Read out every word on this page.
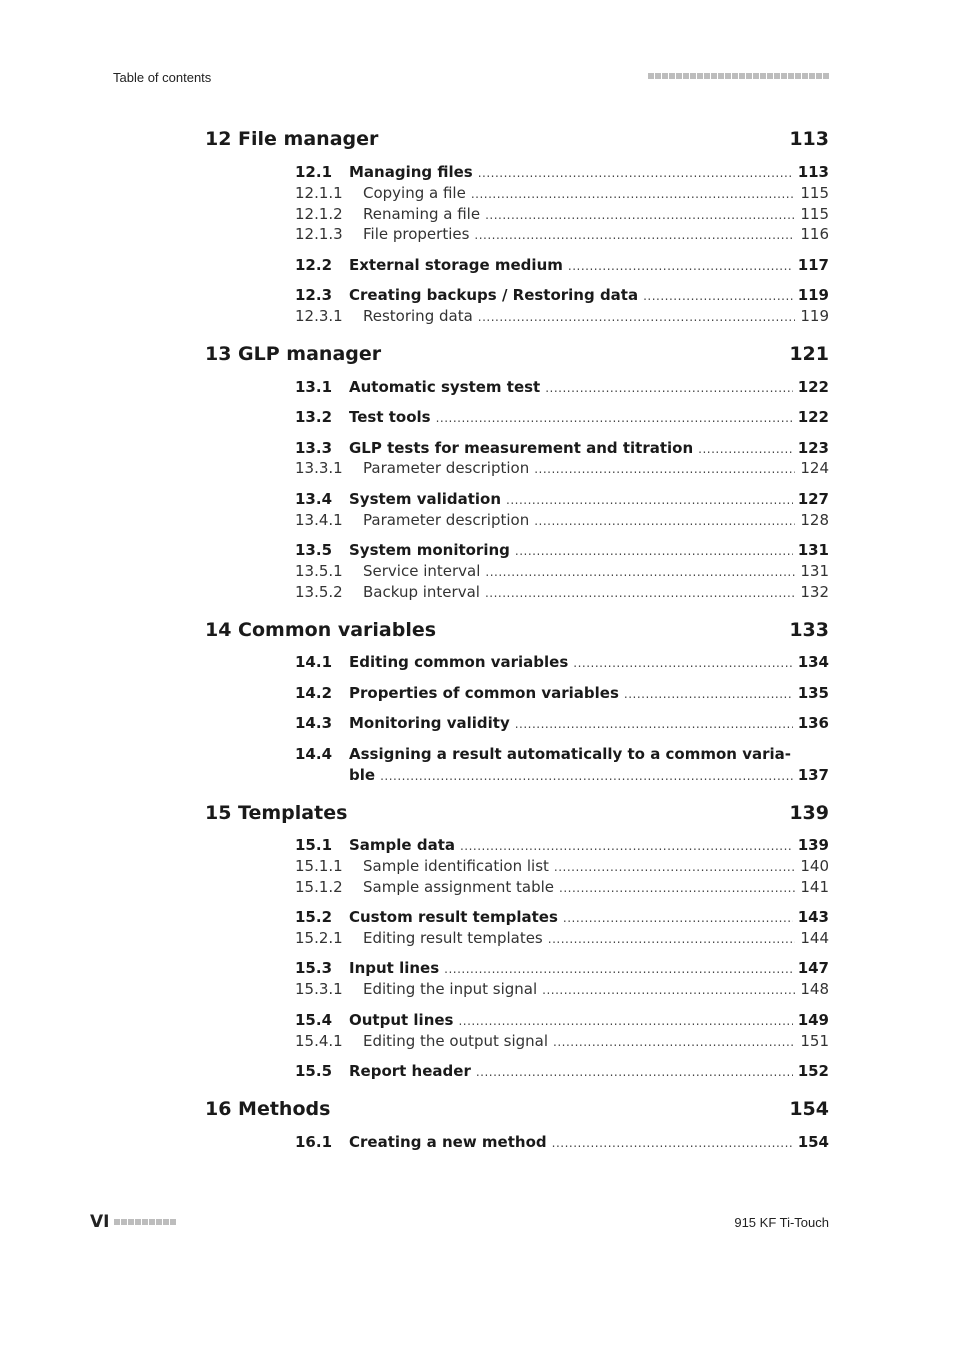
Table of contents
12 File manager	113
12.1	Managing files .....	113
12.1.1	Copying a file .....	115
12.1.2	Renaming a file .....	115
12.1.3	File properties .....	116
12.2	External storage medium .....	117
12.3	Creating backups / Restoring data .....	119
12.3.1	Restoring data .....	119
13 GLP manager	121
13.1	Automatic system test .....	122
13.2	Test tools .....	122
13.3	GLP tests for measurement and titration .....	123
13.3.1	Parameter description .....	124
13.4	System validation .....	127
13.4.1	Parameter description .....	128
13.5	System monitoring .....	131
13.5.1	Service interval .....	131
13.5.2	Backup interval .....	132
14 Common variables	133
14.1	Editing common variables .....	134
14.2	Properties of common variables .....	135
14.3	Monitoring validity .....	136
14.4	Assigning a result automatically to a common varia-
ble .....	137
15 Templates	139
15.1	Sample data .....	139
15.1.1	Sample identification list .....	140
15.1.2	Sample assignment table .....	141
15.2	Custom result templates .....	143
15.2.1	Editing result templates .....	144
15.3	Input lines .....	147
15.3.1	Editing the input signal .....	148
15.4	Output lines .....	149
15.4.1	Editing the output signal .....	151
15.5	Report header .....	152
16 Methods	154
16.1	Creating a new method .....	154
VI	915 KF Ti-Touch
